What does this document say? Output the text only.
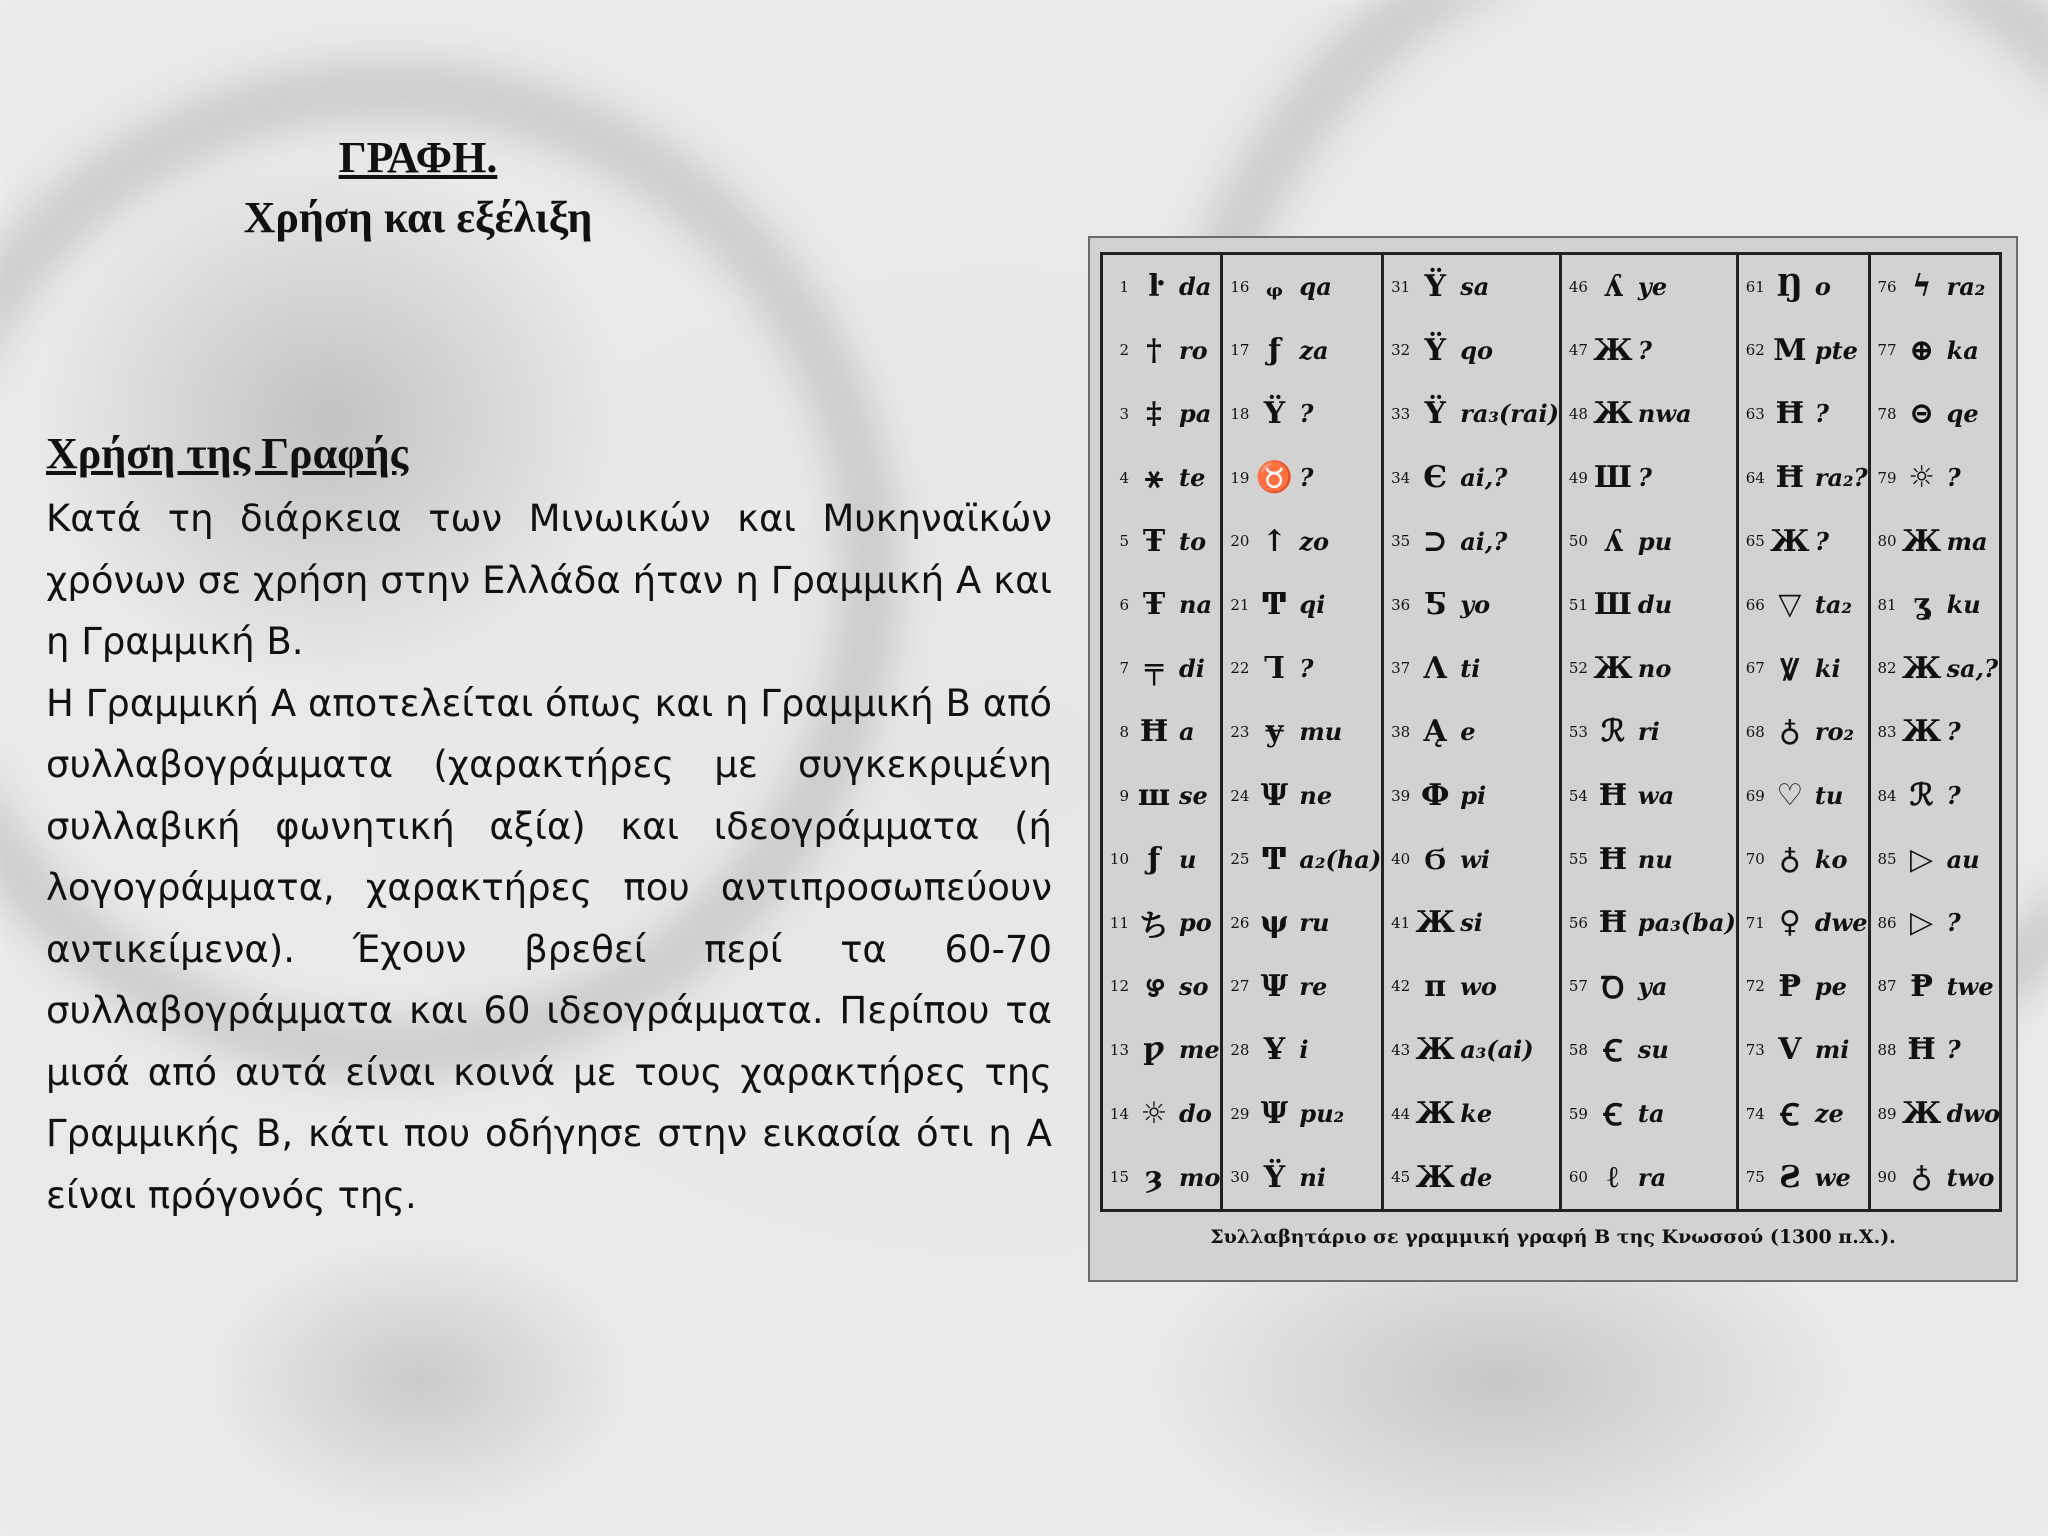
ΓΡΑΦΗ.
Χρήση και εξέλιξη
Χρήση της Γραφής

Κατά τη διάρκεια των Μινωικών και Μυκηναϊκών χρόνων σε χρήση στην Ελλάδα ήταν η Γραμμική Α και η Γραμμική Β.

Η Γραμμική Α αποτελείται όπως και η Γραμμική Β από συλλαβογράμματα (χαρακτήρες με συγκεκριμένη συλλαβική φωνητική αξία) και ιδεογράμματα (ή λογογράμματα, χαρακτήρες που αντιπροσωπεύουν αντικείμενα). Έχουν βρεθεί περί τα 60-70 συλλαβογράμματα και 60 ιδεογράμματα. Περίπου τα μισά από αυτά είναι κοινά με τους χαρακτήρες της Γραμμικής Β, κάτι που οδήγησε στην εικασία ότι η Α είναι πρόγονός της.

1 ŀ da
2 † ro
3 ‡ pa
4 ⚹ te
5 Ŧ to
6 Ŧ na
7 ╤ di
8 Ħ a
9 ш se
10 ƒ u
11 ち po
12 ഴ so
13 ƿ me
14 ☼ do
15 ȝ mo
16 ᵩ qa
17 ƒ za
18 Ϋ ?
19 ♉ ?
20 ↑ zo
21 Ͳ qi
22 Ꞁ ?
23 ɏ mu
24 Ψ ne
25 Ͳ a₂(ha)
26 ψ ru
27 Ψ re
28 Ұ i
29 Ψ pu₂
30 Ϋ ni
31 Ϋ sa
32 Ϋ qo
33 Ϋ ra₃(rai)
34 Є ai,?
35 ⊃ ai,?
36 Ƽ yo
37 Λ ti
38 Ą e
39 Ф pi
40 Ϭ wi
41 Ж si
42 π wo
43 Ж a₃(ai)
44 Ж ke
45 Ж de
46 ʎ ye
47 Ж ?
48 Ж nwa
49 Ш ?
50 ʎ pu
51 Ш du
52 Ж no
53 ℛ ri
54 Ħ wa
55 Ħ nu
56 Ħ pa₃(ba)
57 Ꝺ ya
58 Ꞓ su
59 Ꞓ ta
60 ℓ ra
61 Ŋ o
62 M pte
63 Ħ ?
64 Ħ ra₂?
65 Ж ?
66 ▽ ta₂
67 Ꝟ ki
68 ♁ ro₂
69 ♡ tu
70 ♁ ko
71 ♀ dwe
72 Ᵽ pe
73 V mi
74 Ꞓ ze
75 Ƨ we
76 ϟ ra₂
77 ⊕ ka
78 ⊝ qe
79 ☼ ?
80 Ж ma
81 ʓ ku
82 Ж sa,?
83 Ж ?
84 ℛ ?
85 ▷ au
86 ▷ ?
87 Ᵽ twe
88 Ħ ?
89 Ж dwo
90 ♁ two
Συλλαβητάριο σε γραμμική γραφή Β της Κνωσσού (1300 π.Χ.).
